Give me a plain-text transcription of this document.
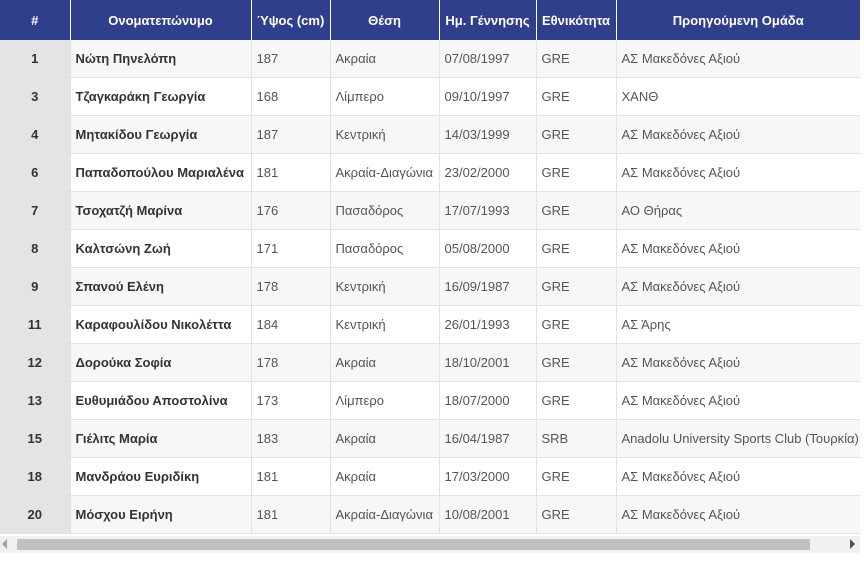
#	Ονοματεπώνυμο	Ύψος (cm)	Θέση	Ημ. Γέννησης	Εθνικότητα	Προηγούμενη Ομάδα
1	Νώτη Πηνελόπη	187	Ακραία	07/08/1997	GRE	ΑΣ Μακεδόνες Αξιού
3	Τζαγκαράκη Γεωργία	168	Λίμπερο	09/10/1997	GRE	ΧΑΝΘ
4	Μητακίδου Γεωργία	187	Κεντρική	14/03/1999	GRE	ΑΣ Μακεδόνες Αξιού
6	Παπαδοπούλου Μαριαλένα	181	Ακραία-Διαγώνια	23/02/2000	GRE	ΑΣ Μακεδόνες Αξιού
7	Τσοχατζή Μαρίνα	176	Πασαδόρος	17/07/1993	GRE	ΑΟ Θήρας
8	Καλτσώνη Ζωή	171	Πασαδόρος	05/08/2000	GRE	ΑΣ Μακεδόνες Αξιού
9	Σπανού Ελένη	178	Κεντρική	16/09/1987	GRE	ΑΣ Μακεδόνες Αξιού
11	Καραφουλίδου Νικολέττα	184	Κεντρική	26/01/1993	GRE	ΑΣ Άρης
12	Δορούκα Σοφία	178	Ακραία	18/10/2001	GRE	ΑΣ Μακεδόνες Αξιού
13	Ευθυμιάδου Αποστολίνα	173	Λίμπερο	18/07/2000	GRE	ΑΣ Μακεδόνες Αξιού
15	Γιέλιτς Μαρία	183	Ακραία	16/04/1987	SRB	Anadolu University Sports Club (Τουρκία)
18	Μανδράου Ευριδίκη	181	Ακραία	17/03/2000	GRE	ΑΣ Μακεδόνες Αξιού
20	Μόσχου Ειρήνη	181	Ακραία-Διαγώνια	10/08/2001	GRE	ΑΣ Μακεδόνες Αξιού
